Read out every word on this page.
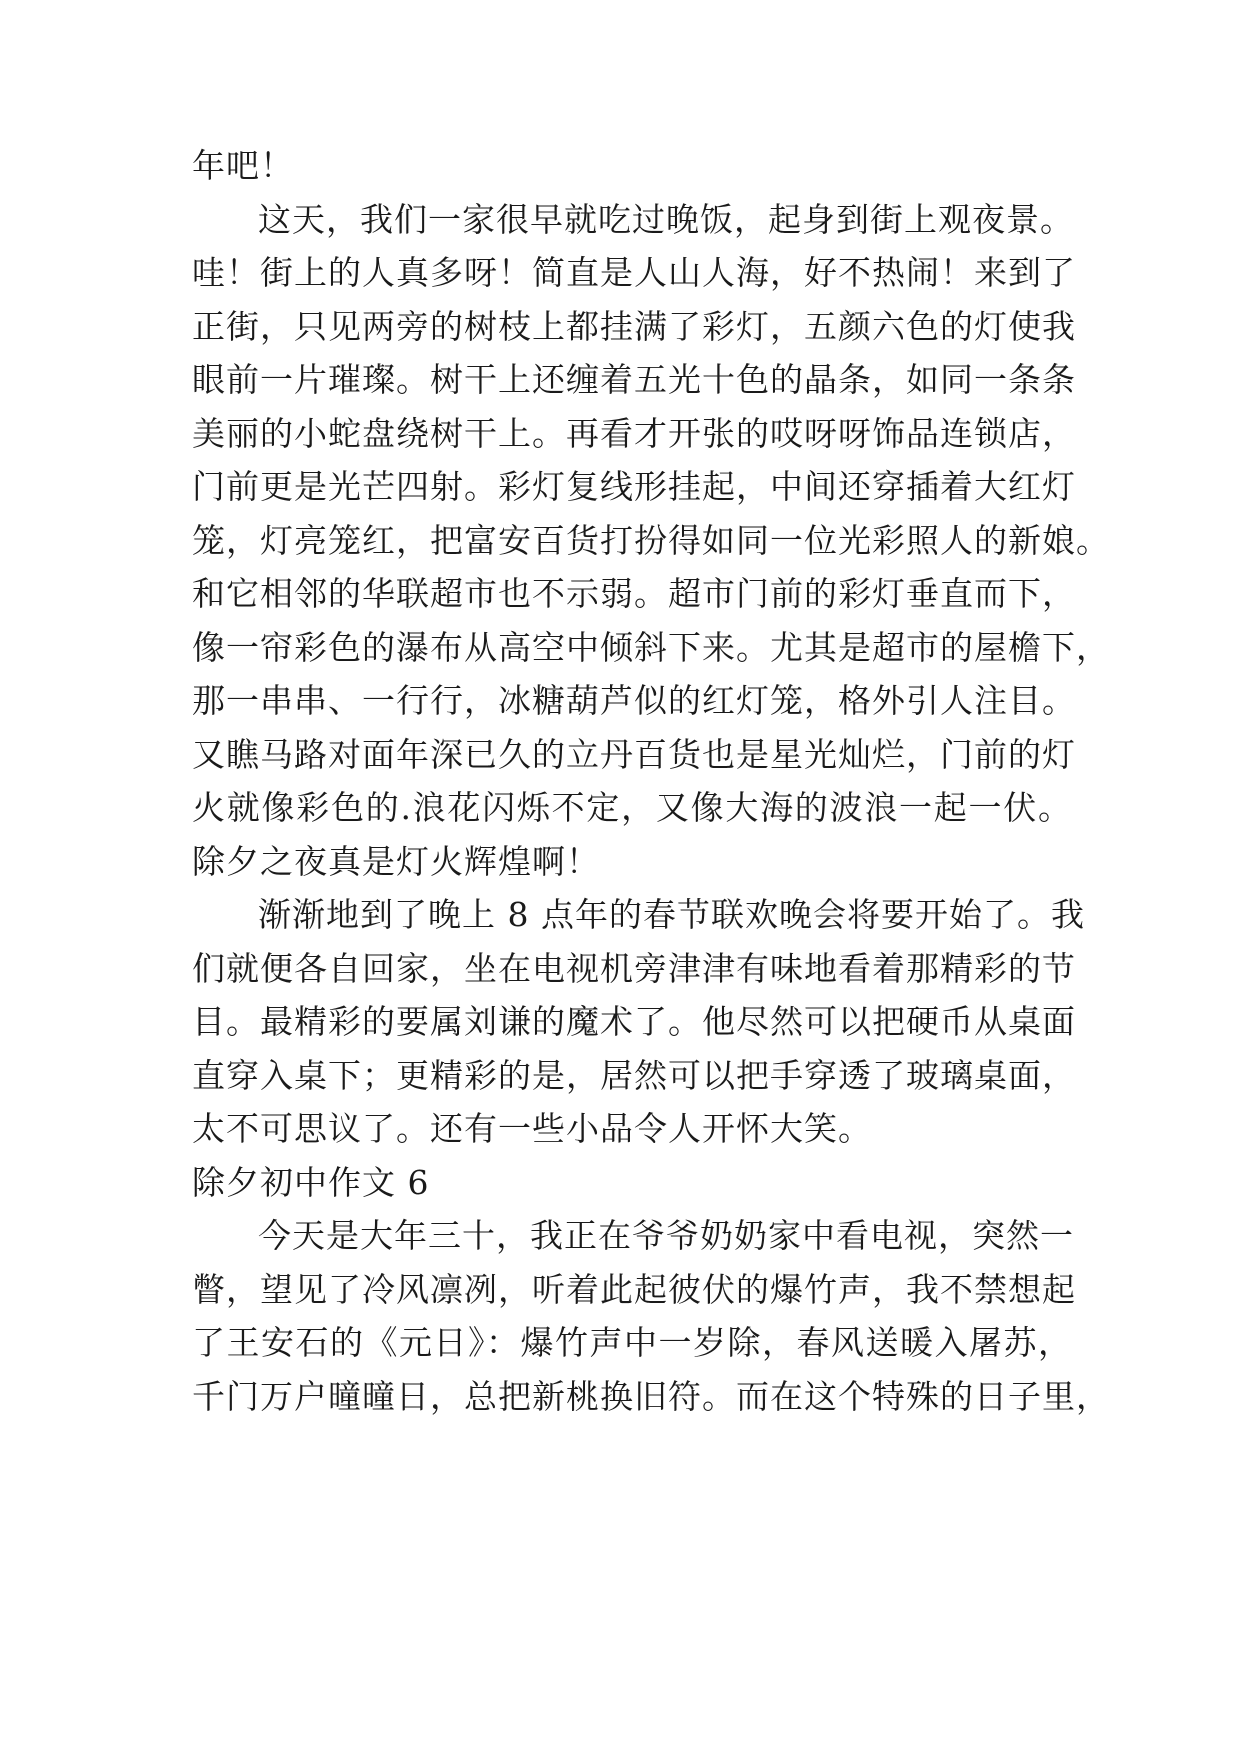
年吧！
这天，我们一家很早就吃过晚饭，起身到街上观夜景。
哇！街上的人真多呀！简直是人山人海，好不热闹！来到了
正街，只见两旁的树枝上都挂满了彩灯，五颜六色的灯使我
眼前一片璀璨。树干上还缠着五光十色的晶条，如同一条条
美丽的小蛇盘绕树干上。再看才开张的哎呀呀饰品连锁店，
门前更是光芒四射。彩灯复线形挂起，中间还穿插着大红灯
笼，灯亮笼红，把富安百货打扮得如同一位光彩照人的新娘。
和它相邻的华联超市也不示弱。超市门前的彩灯垂直而下，
像一帘彩色的瀑布从高空中倾斜下来。尤其是超市的屋檐下，
那一串串、一行行，冰糖葫芦似的红灯笼，格外引人注目。
又瞧马路对面年深已久的立丹百货也是星光灿烂，门前的灯
火就像彩色的.浪花闪烁不定，又像大海的波浪一起一伏。
除夕之夜真是灯火辉煌啊！
渐渐地到了晚上 8 点年的春节联欢晚会将要开始了。我
们就便各自回家，坐在电视机旁津津有味地看着那精彩的节
目。最精彩的要属刘谦的魔术了。他尽然可以把硬币从桌面
直穿入桌下；更精彩的是，居然可以把手穿透了玻璃桌面，
太不可思议了。还有一些小品令人开怀大笑。
除夕初中作文 6
今天是大年三十，我正在爷爷奶奶家中看电视，突然一
瞥，望见了冷风凛冽，听着此起彼伏的爆竹声，我不禁想起
了王安石的《元日》：爆竹声中一岁除，春风送暖入屠苏，
千门万户曈曈日，总把新桃换旧符。而在这个特殊的日子里，
